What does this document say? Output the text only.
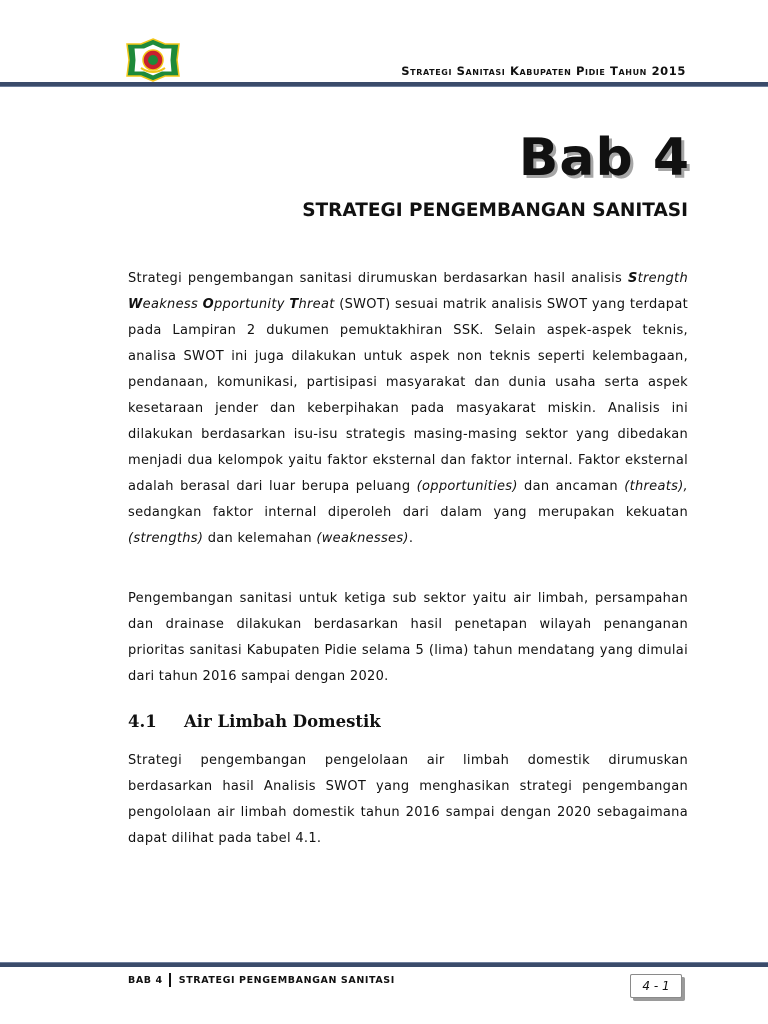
Strategi Sanitasi Kabupaten Pidie Tahun 2015
Bab 4
STRATEGI PENGEMBANGAN SANITASI

Strategi pengembangan sanitasi dirumuskan berdasarkan hasil analisis Strength Weakness Opportunity Threat (SWOT) sesuai matrik analisis SWOT yang terdapat pada Lampiran 2 dukumen pemuktakhiran SSK. Selain aspek-aspek teknis, analisa SWOT ini juga dilakukan untuk aspek non teknis seperti kelembagaan, pendanaan, komunikasi, partisipasi masyarakat dan dunia usaha serta aspek kesetaraan jender dan keberpihakan pada masyakarat miskin. Analisis ini dilakukan berdasarkan isu-isu strategis masing-masing sektor yang dibedakan menjadi dua kelompok yaitu faktor eksternal dan faktor internal. Faktor eksternal adalah berasal dari luar berupa peluang (opportunities) dan ancaman (threats), sedangkan faktor internal diperoleh dari dalam yang merupakan kekuatan (strengths) dan kelemahan (weaknesses).

Pengembangan sanitasi untuk ketiga sub sektor yaitu air limbah, persampahan dan drainase dilakukan berdasarkan hasil penetapan wilayah penanganan prioritas sanitasi Kabupaten Pidie selama 5 (lima) tahun mendatang yang dimulai dari tahun 2016 sampai dengan 2020.

4.1 Air Limbah Domestik

Strategi pengembangan pengelolaan air limbah domestik dirumuskan berdasarkan hasil Analisis SWOT yang menghasikan strategi pengembangan pengololaan air limbah domestik tahun 2016 sampai dengan 2020 sebagaimana dapat dilihat pada tabel 4.1.

BAB 4 STRATEGI PENGEMBANGAN SANITASI	4 - 1
